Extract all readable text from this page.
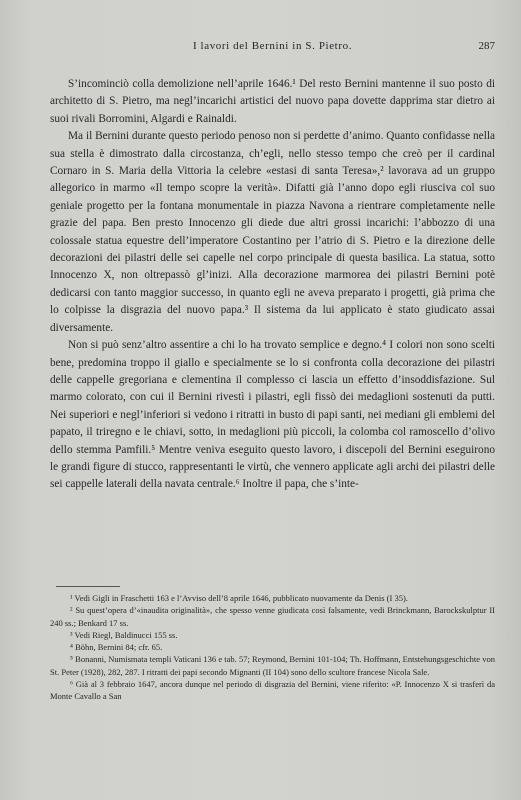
I lavori del Bernini in S. Pietro.	287

S’incominciò colla demolizione nell’aprile 1646.¹ Del resto Bernini mantenne il suo posto di architetto di S. Pietro, ma negl’incarichi artistici del nuovo papa dovette dapprima star dietro ai suoi rivali Borromini, Algardi e Rainaldi.

Ma il Bernini durante questo periodo penoso non si perdette d’animo. Quanto confidasse nella sua stella è dimostrato dalla circostanza, ch’egli, nello stesso tempo che creò per il cardinal Cornaro in S. Maria della Vittoria la celebre «estasi di santa Teresa»,² lavorava ad un gruppo allegorico in marmo «Il tempo scopre la verità». Difatti già l’anno dopo egli riusciva col suo geniale progetto per la fontana monumentale in piazza Navona a rientrare completamente nelle grazie del papa. Ben presto Innocenzo gli diede due altri grossi incarichi: l’abbozzo di una colossale statua equestre dell’imperatore Costantino per l’atrio di S. Pietro e la direzione delle decorazioni dei pilastri delle sei capelle nel corpo principale di questa basilica. La statua, sotto Innocenzo X, non oltrepassò gl’inizi. Alla decorazione marmorea dei pilastri Bernini potè dedicarsi con tanto maggior successo, in quanto egli ne aveva preparato i progetti, già prima che lo colpisse la disgrazia del nuovo papa.³ Il sistema da lui applicato è stato giudicato assai diversamente.

Non si può senz’altro assentire a chi lo ha trovato semplice e degno.⁴ I colori non sono scelti bene, predomina troppo il giallo e specialmente se lo si confronta colla decorazione dei pilastri delle cappelle gregoriana e clementina il complesso ci lascia un effetto d’insoddisfazione. Sul marmo colorato, con cui il Bernini rivestì i pilastri, egli fissò dei medaglioni sostenuti da putti. Nei superiori e negl’inferiori si vedono i ritratti in busto di papi santi, nei mediani gli emblemi del papato, il triregno e le chiavi, sotto, in medaglioni più piccoli, la colomba col ramoscello d’olivo dello stemma Pamfili.⁵ Mentre veniva eseguito questo lavoro, i discepoli del Bernini eseguirono le grandi figure di stucco, rappresentanti le virtù, che vennero applicate agli archi dei pilastri delle sei cappelle laterali della navata centrale.⁶ Inoltre il papa, che s’inte-

¹ Vedi Gigli in Fraschetti 163 e l’Avviso dell’8 aprile 1646, pubblicato nuovamente da Denis (I 35).

² Su quest’opera d’«inaudita originalità», che spesso venne giudicata così falsamente, vedi Brinckmann, Barockskulptur II 240 ss.; Benkard 17 ss.

³ Vedi Riegl, Baldinucci 155 ss.

⁴ Böhn, Bernini 84; cfr. 65.

⁵ Bonanni, Numismata templi Vaticani 136 e tab. 57; Reymond, Bernini 101-104; Th. Hoffmann, Entstehungsgeschichte von St. Peter (1928), 282, 287. I ritratti dei papi secondo Mignanti (II 104) sono dello scultore francese Nicola Sale.

⁶ Già al 3 febbraio 1647, ancora dunque nel periodo di disgrazia del Bernini, viene riferito: «P. Innocenzo X si trasferì da Monte Cavallo a San
